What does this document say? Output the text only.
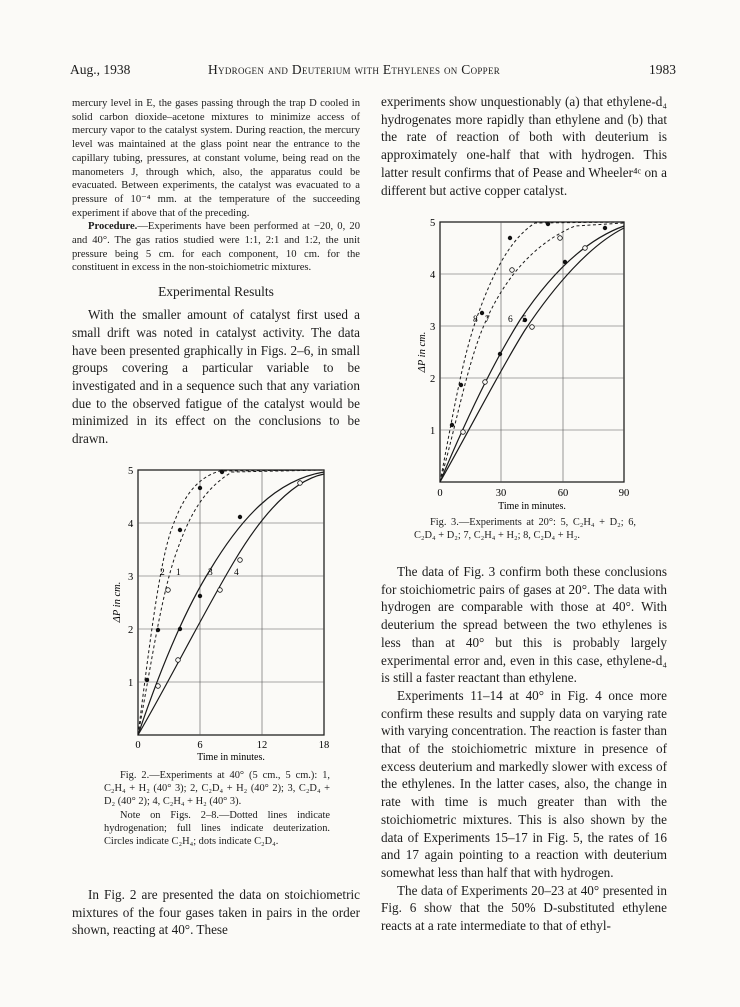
Aug., 1938	Hydrogen and Deuterium with Ethylenes on Copper	1983

mercury level in E, the gases passing through the trap D cooled in solid carbon dioxide–acetone mixtures to minimize access of mercury vapor to the catalyst system. During reaction, the mercury level was maintained at the glass point near the entrance to the capillary tubing, pressures, at constant volume, being read on the manometers J, through which, also, the apparatus could be evacuated. Between experiments, the catalyst was evacuated to a pressure of 10⁻⁴ mm. at the temperature of the succeeding experiment if above that of the preceding.

Procedure.—Experiments have been performed at −20, 0, 20 and 40°. The gas ratios studied were 1:1, 2:1 and 1:2, the unit pressure being 5 cm. for each component, 10 cm. for the constituent in excess in the non-stoichiometric mixtures.

Experimental Results

With the smaller amount of catalyst first used a small drift was noted in catalyst activity. The data have been presented graphically in Figs. 2–6, in small groups covering a particular variable to be investigated and in a sequence such that any variation due to the observed fatigue of the catalyst would be minimized in its effect on the conclusions to be drawn.

5
4
3
2
1
0	6	12	18
Time in minutes.
ΔP in cm.
2 1	3 4

Fig. 2.—Experiments at 40° (5 cm., 5 cm.): 1, C₂H₄ + H₂ (40° 3); 2, C₂D₄ + H₂ (40° 2); 3, C₂D₄ + D₂ (40° 2); 4, C₂H₄ + H₂ (40° 3).

Note on Figs. 2–8.—Dotted lines indicate hydrogenation; full lines indicate deuterization. Circles indicate C₂H₄; dots indicate C₂D₄.

In Fig. 2 are presented the data on stoichiometric mixtures of the four gases taken in pairs in the order shown, reacting at 40°. These

experiments show unquestionably (a) that ethylene-d₄ hydrogenates more rapidly than ethylene and (b) that the rate of reaction of both with deuterium is approximately one-half that with hydrogen. This latter result confirms that of Pease and Wheeler⁴ᶜ on a different but active copper catalyst.

5
4
3
2
1
0	30	60	90
Time in minutes.
ΔP in cm.
8 7 6 5

Fig. 3.—Experiments at 20°: 5, C₂H₄ + D₂; 6, C₂D₄ + D₂; 7, C₂H₄ + H₂; 8, C₂D₄ + H₂.

The data of Fig. 3 confirm both these conclusions for stoichiometric pairs of gases at 20°. The data with hydrogen are comparable with those at 40°. With deuterium the spread between the two ethylenes is less than at 40° but this is probably largely experimental error and, even in this case, ethylene-d₄ is still a faster reactant than ethylene.

Experiments 11–14 at 40° in Fig. 4 once more confirm these results and supply data on varying rate with varying concentration. The reaction is faster than that of the stoichiometric mixture in presence of excess deuterium and markedly slower with excess of the ethylenes. In the latter cases, also, the change in rate with time is much greater than with the stoichiometric mixtures. This is also shown by the data of Experiments 15–17 in Fig. 5, the rates of 16 and 17 again pointing to a reaction with deuterium somewhat less than half that with hydrogen.

The data of Experiments 20–23 at 40° presented in Fig. 6 show that the 50% D-substituted ethylene reacts at a rate intermediate to that of ethyl-
